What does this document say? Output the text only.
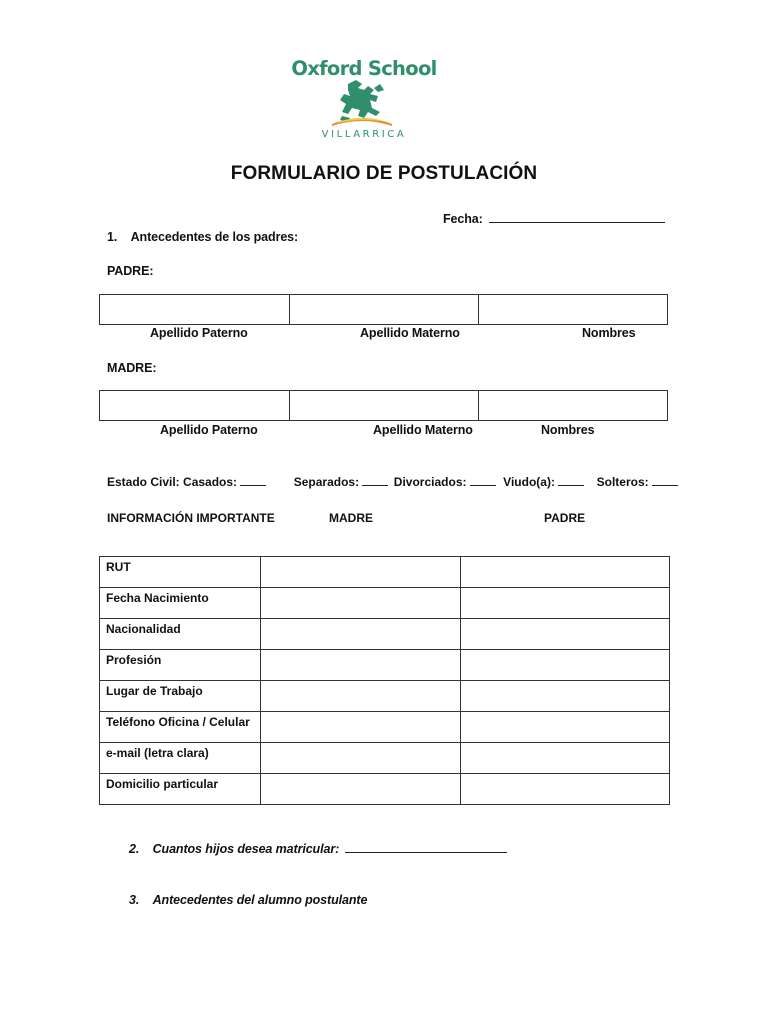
Oxford School
VILLARRICA
FORMULARIO DE POSTULACIÓN
Fecha:
1. Antecedentes de los padres:
PADRE:
Apellido Paterno	Apellido Materno	Nombres
MADRE:
Apellido Paterno	Apellido Materno	Nombres
Estado Civil: Casados:	Separados:	Divorciados:	Viudo(a):	Solteros:
INFORMACIÓN IMPORTANTE	MADRE	PADRE
RUT		

Fecha Nacimiento		

Nacionalidad		

Profesión		

Lugar de Trabajo		

Teléfono Oficina / Celular		

e-mail (letra clara)		

Domicilio particular		

2. Cuantos hijos desea matricular:
3. Antecedentes del alumno postulante
